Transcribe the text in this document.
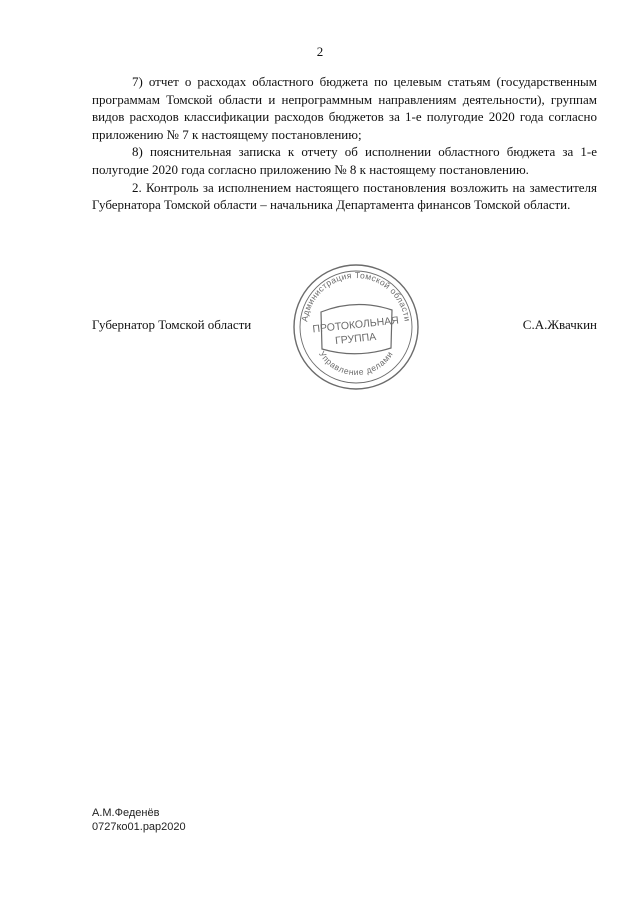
2

7) отчет о расходах областного бюджета по целевым статьям (государственным программам Томской области и непрограммным направлениям деятельности), группам видов расходов классификации расходов бюджетов за 1-е полугодие 2020 года согласно приложению № 7 к настоящему постановлению;

8) пояснительная записка к отчету об исполнении областного бюджета за 1-е полугодие 2020 года согласно приложению № 8 к настоящему постановлению.

2. Контроль за исполнением настоящего постановления возложить на заместителя Губернатора Томской области – начальника Департамента финансов Томской области.

Губернатор Томской области	С.А.Жвачкин
Администрация Томской области
Управление делами
ПРОТОКОЛЬНАЯ
ГРУППА
А.М.Феденёв
0727ко01.рар2020
